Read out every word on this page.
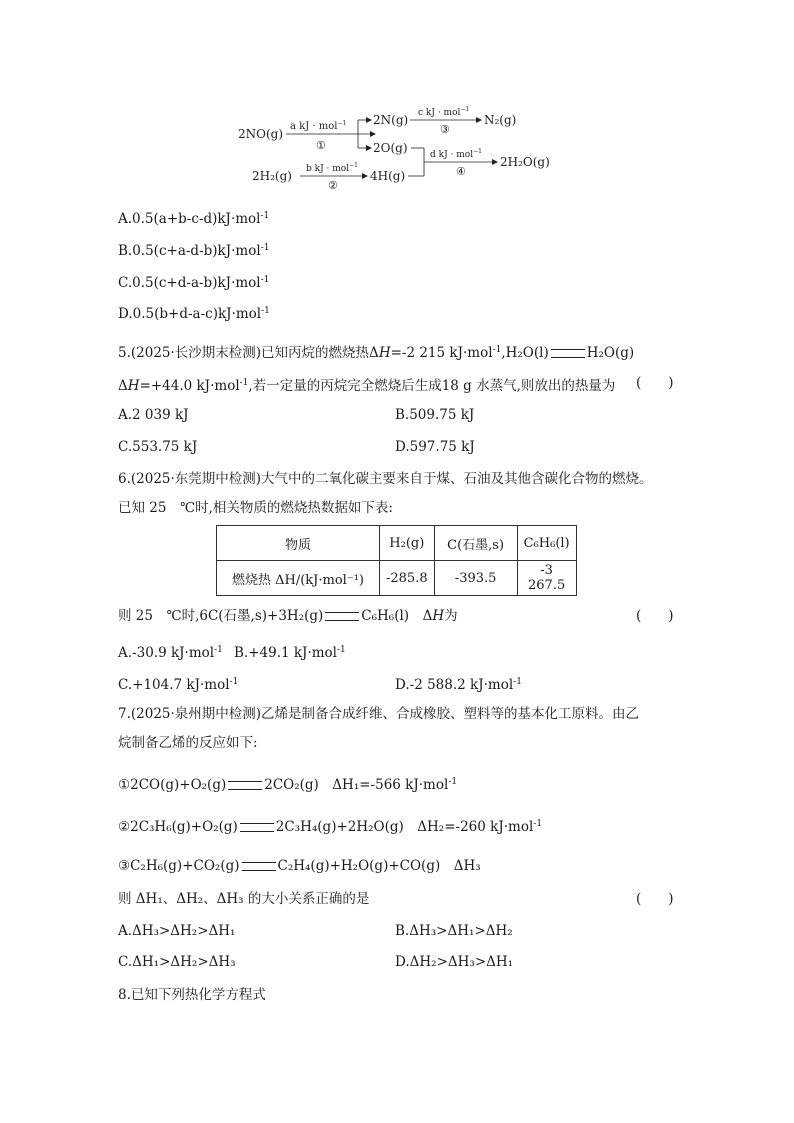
2NO(g)
a kJ · mol$^{-1}$
①
2N(g) c kJ · mol$^{-1}$
③
N₂(g)
2O(g) d kJ · mol$^{-1}$
④
2H₂O(g)
2H₂(g) b kJ · mol$^{-1}$
②
4H(g)
A.0.5(a+b-c-d)kJ·mol$^{-1}$
B.0.5(c+a-d-b)kJ·mol$^{-1}$
C.0.5(c+d-a-b)kJ·mol$^{-1}$
D.0.5(b+d-a-c)kJ·mol$^{-1}$
5.(2025·长沙期末检测)已知丙烷的燃烧热ΔH=-2 215 kJ·mol$^{-1}$,H₂O(l)	H₂O(g)
ΔH=+44.0 kJ·mol$^{-1}$,若一定量的丙烷完全燃烧后生成18 g 水蒸气,则放出的热量为	(　　)
A.2 039 kJ	B.509.75 kJ
C.553.75 kJ	D.597.75 kJ
6.(2025·东莞期中检测)大气中的二氧化碳主要来自于煤、石油及其他含碳化合物的燃烧。
已知 25　℃时,相关物质的燃烧热数据如下表:
物质	H₂(g)	C(石墨,s)	C₆H₆(l)
燃烧热 ΔH/(kJ·mol⁻¹)	-285.8	-393.5	-3 267.5
则 25　℃时,6C(石墨,s)+3H₂(g)	C₆H₆(l)　ΔH为	(　　)
A.-30.9 kJ·mol$^{-1}$ B.+49.1 kJ·mol$^{-1}$
C.+104.7 kJ·mol$^{-1}$	D.-2 588.2 kJ·mol$^{-1}$
7.(2025·泉州期中检测)乙烯是制备合成纤维、合成橡胶、塑料等的基本化工原料。由乙
烷制备乙烯的反应如下:
①2CO(g)+O₂(g)	2CO₂(g)　ΔH₁=-566 kJ·mol$^{-1}$
②2C₃H₆(g)+O₂(g)	2C₃H₄(g)+2H₂O(g)　ΔH₂=-260 kJ·mol$^{-1}$
③C₂H₆(g)+CO₂(g)	C₂H₄(g)+H₂O(g)+CO(g)　ΔH₃
则 ΔH₁、ΔH₂、ΔH₃ 的大小关系正确的是	(　　)
A.ΔH₃>ΔH₂>ΔH₁	B.ΔH₃>ΔH₁>ΔH₂
C.ΔH₁>ΔH₂>ΔH₃	D.ΔH₂>ΔH₃>ΔH₁
8.已知下列热化学方程式
